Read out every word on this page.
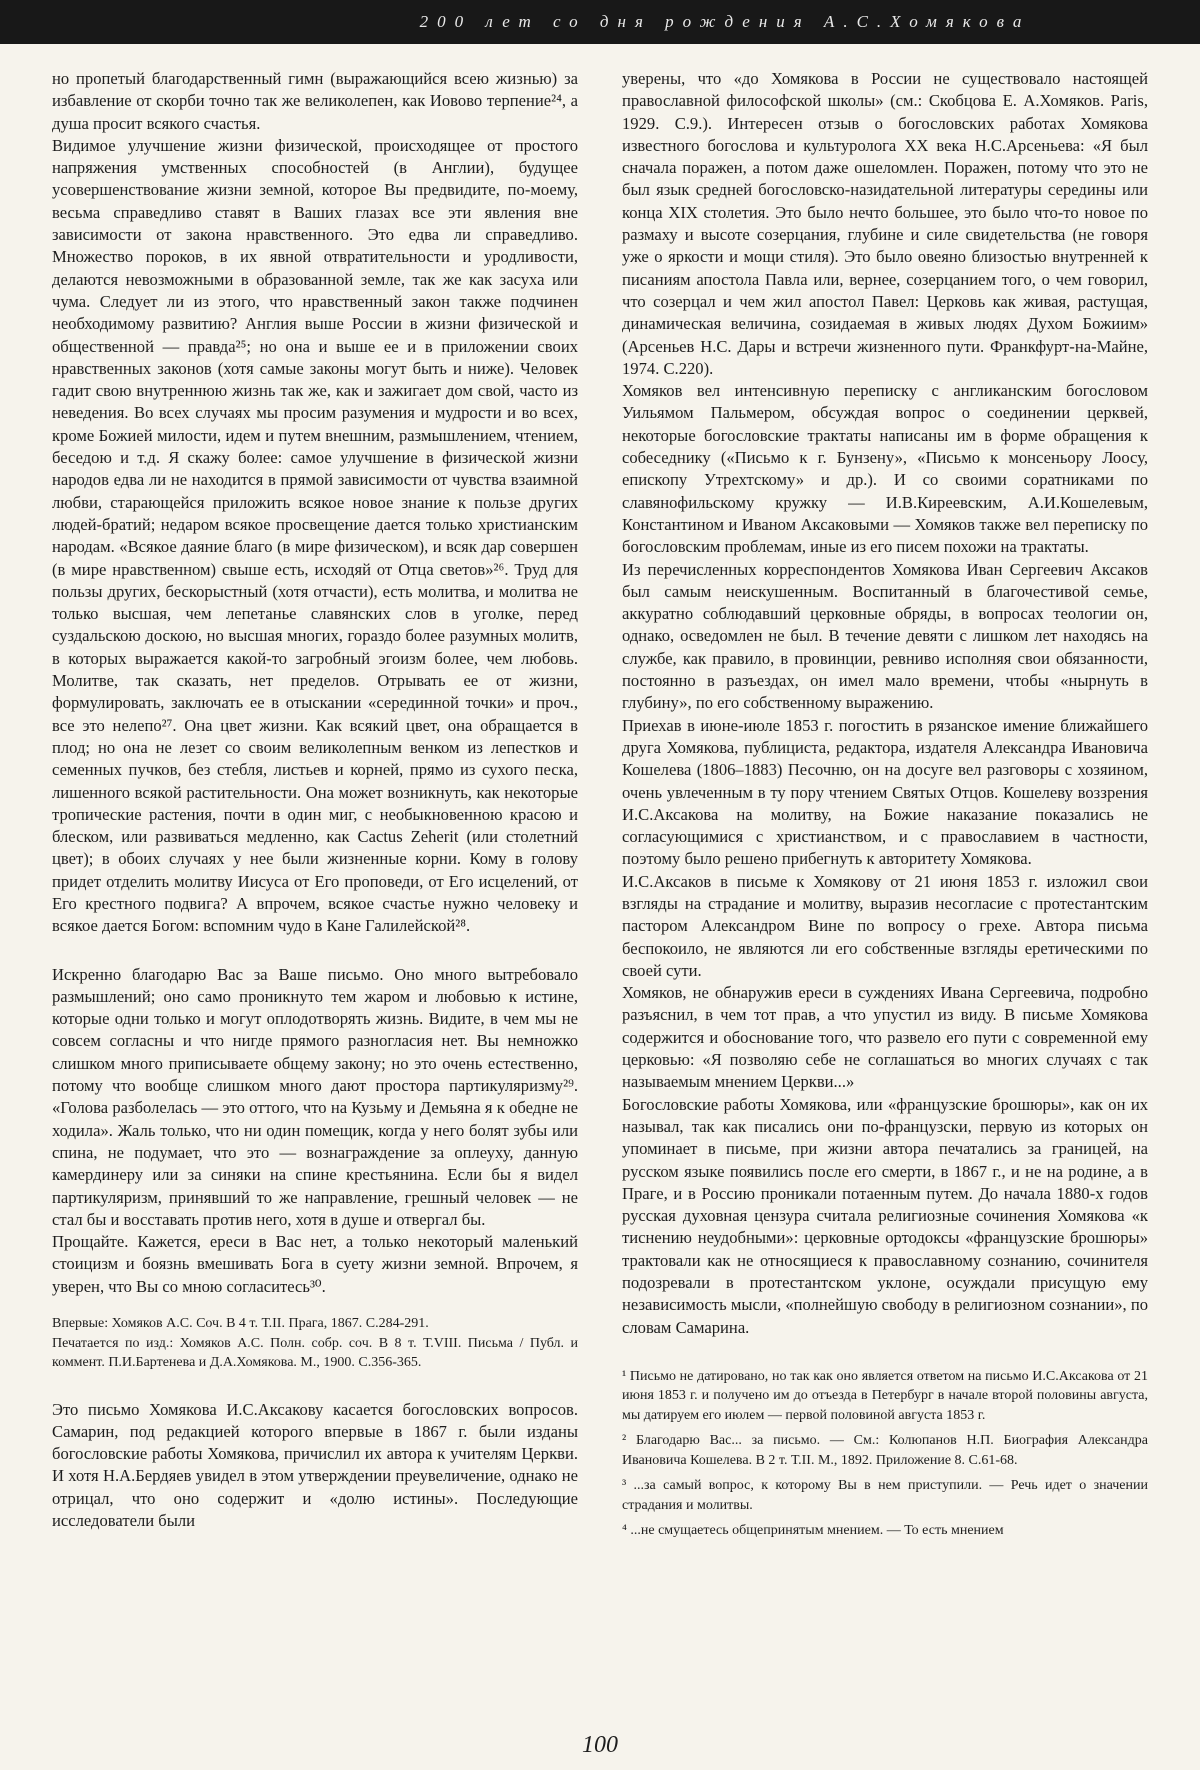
200 лет со дня рождения А.С.Хомякова

но пропетый благодарственный гимн (выражающийся всею жизнью) за избавление от скорби точно так же великолепен, как Иовово терпение²⁴, а душа просит всякого счастья.

Видимое улучшение жизни физической, происходящее от простого напряжения умственных способностей (в Англии), будущее усовершенствование жизни земной, которое Вы предвидите, по-моему, весьма справедливо ставят в Ваших глазах все эти явления вне зависимости от закона нравственного. Это едва ли справедливо. Множество пороков, в их явной отвратительности и уродливости, делаются невозможными в образованной земле, так же как засуха или чума. Следует ли из этого, что нравственный закон также подчинен необходимому развитию? Англия выше России в жизни физической и общественной — правда²⁵; но она и выше ее и в приложении своих нравственных законов (хотя самые законы могут быть и ниже). Человек гадит свою внутреннюю жизнь так же, как и зажигает дом свой, часто из неведения. Во всех случаях мы просим разумения и мудрости и во всех, кроме Божией милости, идем и путем внешним, размышлением, чтением, беседою и т.д. Я скажу более: самое улучшение в физической жизни народов едва ли не находится в прямой зависимости от чувства взаимной любви, старающейся приложить всякое новое знание к пользе других людей-братий; недаром всякое просвещение дается только христианским народам. «Всякое даяние благо (в мире физическом), и всяк дар совершен (в мире нравственном) свыше есть, исходяй от Отца светов»²⁶. Труд для пользы других, бескорыстный (хотя отчасти), есть молитва, и молитва не только высшая, чем лепетанье славянских слов в уголке, перед суздальскою доскою, но высшая многих, гораздо более разумных молитв, в которых выражается какой-то загробный эгоизм более, чем любовь. Молитве, так сказать, нет пределов. Отрывать ее от жизни, формулировать, заключать ее в отыскании «серединной точки» и проч., все это нелепо²⁷. Она цвет жизни. Как всякий цвет, она обращается в плод; но она не лезет со своим великолепным венком из лепестков и семенных пучков, без стебля, листьев и корней, прямо из сухого песка, лишенного всякой растительности. Она может возникнуть, как некоторые тропические растения, почти в один миг, с необыкновенною красою и блеском, или развиваться медленно, как Cactus Zeherit (или столетний цвет); в обоих случаях у нее были жизненные корни. Кому в голову придет отделить молитву Иисуса от Его проповеди, от Его исцелений, от Его крестного подвига? А впрочем, всякое счастье нужно человеку и всякое дается Богом: вспомним чудо в Кане Галилейской²⁸.

Искренно благодарю Вас за Ваше письмо. Оно много вытребовало размышлений; оно само проникнуто тем жаром и любовью к истине, которые одни только и могут оплодотворять жизнь. Видите, в чем мы не совсем согласны и что нигде прямого разногласия нет. Вы немножко слишком много приписываете общему закону; но это очень естественно, потому что вообще слишком много дают простора партикуляризму²⁹. «Голова разболелась — это оттого, что на Кузьму и Демьяна я к обедне не ходила». Жаль только, что ни один помещик, когда у него болят зубы или спина, не подумает, что это — вознаграждение за оплеуху, данную камердинеру или за синяки на спине крестьянина. Если бы я видел партикуляризм, принявший то же направление, грешный человек — не стал бы и восставать против него, хотя в душе и отвергал бы.

Прощайте. Кажется, ереси в Вас нет, а только некоторый маленький стоицизм и боязнь вмешивать Бога в суету жизни земной. Впрочем, я уверен, что Вы со мною согласитесь³⁰.

Впервые: Хомяков А.С. Соч. В 4 т. Т.II. Прага, 1867. С.284-291.

Печатается по изд.: Хомяков А.С. Полн. собр. соч. В 8 т. Т.VIII. Письма / Публ. и коммент. П.И.Бартенева и Д.А.Хомякова. М., 1900. С.356-365.

Это письмо Хомякова И.С.Аксакову касается богословских вопросов. Самарин, под редакцией которого впервые в 1867 г. были изданы богословские работы Хомякова, причислил их автора к учителям Церкви. И хотя Н.А.Бердяев увидел в этом утверждении преувеличение, однако не отрицал, что оно содержит и «долю истины». Последующие исследователи были

уверены, что «до Хомякова в России не существовало настоящей православной философской школы» (см.: Скобцова Е. А.Хомяков. Paris, 1929. С.9.). Интересен отзыв о богословских работах Хомякова известного богослова и культуролога ХХ века Н.С.Арсеньева: «Я был сначала поражен, а потом даже ошеломлен. Поражен, потому что это не был язык средней богословско-назидательной литературы середины или конца XIX столетия. Это было нечто большее, это было что-то новое по размаху и высоте созерцания, глубине и силе свидетельства (не говоря уже о яркости и мощи стиля). Это было овеяно близостью внутренней к писаниям апостола Павла или, вернее, созерцанием того, о чем говорил, что созерцал и чем жил апостол Павел: Церковь как живая, растущая, динамическая величина, созидаемая в живых людях Духом Божиим» (Арсеньев Н.С. Дары и встречи жизненного пути. Франкфурт-на-Майне, 1974. С.220).

Хомяков вел интенсивную переписку с англиканским богословом Уильямом Пальмером, обсуждая вопрос о соединении церквей, некоторые богословские трактаты написаны им в форме обращения к собеседнику («Письмо к г. Бунзену», «Письмо к монсеньору Лоосу, епископу Утрехтскому» и др.). И со своими соратниками по славянофильскому кружку — И.В.Киреевским, А.И.Кошелевым, Константином и Иваном Аксаковыми — Хомяков также вел переписку по богословским проблемам, иные из его писем похожи на трактаты.

Из перечисленных корреспондентов Хомякова Иван Сергеевич Аксаков был самым неискушенным. Воспитанный в благочестивой семье, аккуратно соблюдавший церковные обряды, в вопросах теологии он, однако, осведомлен не был. В течение девяти с лишком лет находясь на службе, как правило, в провинции, ревниво исполняя свои обязанности, постоянно в разъездах, он имел мало времени, чтобы «нырнуть в глубину», по его собственному выражению.

Приехав в июне-июле 1853 г. погостить в рязанское имение ближайшего друга Хомякова, публициста, редактора, издателя Александра Ивановича Кошелева (1806–1883) Песочню, он на досуге вел разговоры с хозяином, очень увлеченным в ту пору чтением Святых Отцов. Кошелеву воззрения И.С.Аксакова на молитву, на Божие наказание показались не согласующимися с христианством, и с православием в частности, поэтому было решено прибегнуть к авторитету Хомякова.

И.С.Аксаков в письме к Хомякову от 21 июня 1853 г. изложил свои взгляды на страдание и молитву, выразив несогласие с протестантским пастором Александром Вине по вопросу о грехе. Автора письма беспокоило, не являются ли его собственные взгляды еретическими по своей сути.

Хомяков, не обнаружив ереси в суждениях Ивана Сергеевича, подробно разъяснил, в чем тот прав, а что упустил из виду. В письме Хомякова содержится и обоснование того, что развело его пути с современной ему церковью: «Я позволяю себе не соглашаться во многих случаях с так называемым мнением Церкви...»

Богословские работы Хомякова, или «французские брошюры», как он их называл, так как писались они по-французски, первую из которых он упоминает в письме, при жизни автора печатались за границей, на русском языке появились после его смерти, в 1867 г., и не на родине, а в Праге, и в Россию проникали потаенным путем. До начала 1880-х годов русская духовная цензура считала религиозные сочинения Хомякова «к тиснению неудобными»: церковные ортодоксы «французские брошюры» трактовали как не относящиеся к православному сознанию, сочинителя подозревали в протестантском уклоне, осуждали присущую ему независимость мысли, «полнейшую свободу в религиозном сознании», по словам Самарина.

¹ Письмо не датировано, но так как оно является ответом на письмо И.С.Аксакова от 21 июня 1853 г. и получено им до отъезда в Петербург в начале второй половины августа, мы датируем его июлем — первой половиной августа 1853 г.

² Благодарю Вас... за письмо. — См.: Колюпанов Н.П. Биография Александра Ивановича Кошелева. В 2 т. Т.II. М., 1892. Приложение 8. С.61-68.

³ ...за самый вопрос, к которому Вы в нем приступили. — Речь идет о значении страдания и молитвы.

⁴ ...не смущаетесь общепринятым мнением. — То есть мнением

100
